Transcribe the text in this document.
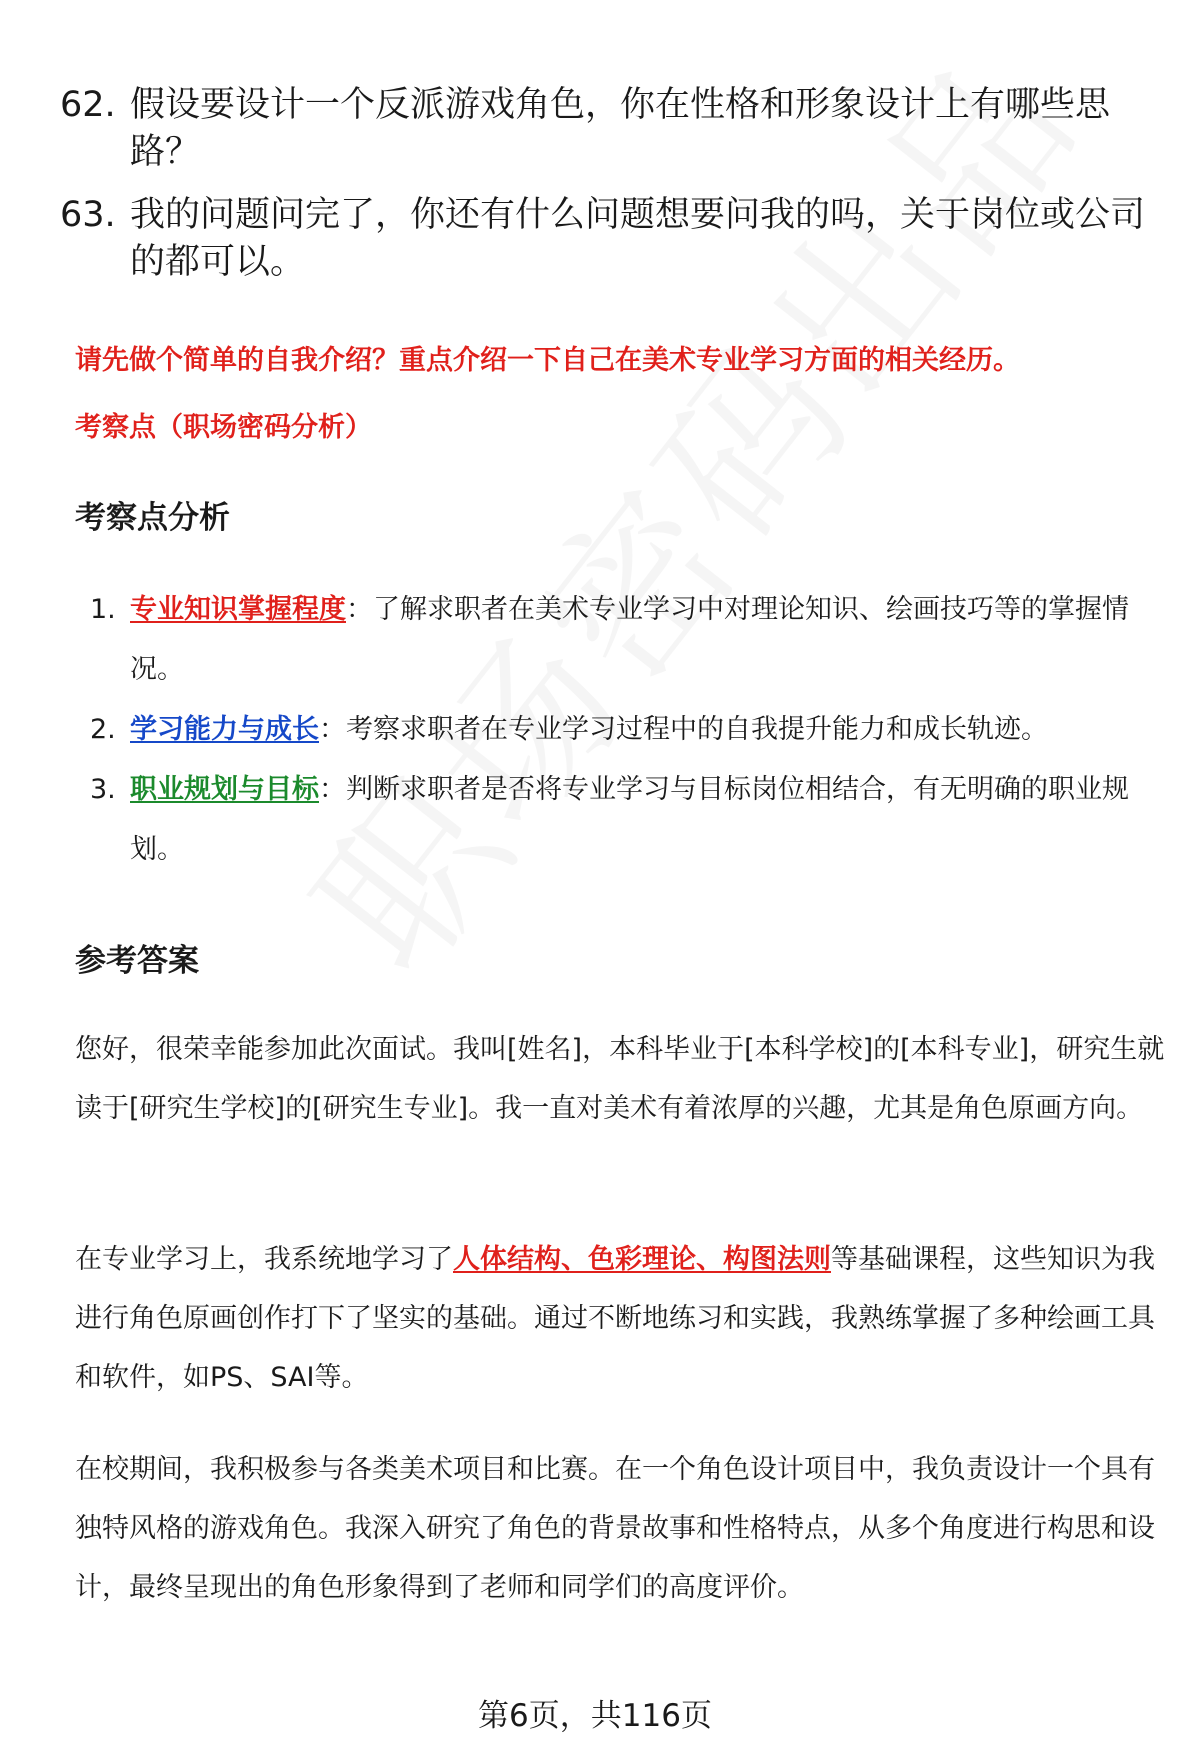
62. 假设要设计一个反派游戏角色，你在性格和形象设计上有哪些思路？
63. 我的问题问完了，你还有什么问题想要问我的吗，关于岗位或公司的都可以。
请先做个简单的自我介绍？重点介绍一下自己在美术专业学习方面的相关经历。
考察点（职场密码分析）
考察点分析
1. 专业知识掌握程度：了解求职者在美术专业学习中对理论知识、绘画技巧等的掌握情况。
2. 学习能力与成长：考察求职者在专业学习过程中的自我提升能力和成长轨迹。
3. 职业规划与目标：判断求职者是否将专业学习与目标岗位相结合，有无明确的职业规划。
参考答案
您好，很荣幸能参加此次面试。我叫[姓名]，本科毕业于[本科学校]的[本科专业]，研究生就读于[研究生学校]的[研究生专业]。我一直对美术有着浓厚的兴趣，尤其是角色原画方向。
在专业学习上，我系统地学习了人体结构、色彩理论、构图法则等基础课程，这些知识为我进行角色原画创作打下了坚实的基础。通过不断地练习和实践，我熟练掌握了多种绘画工具和软件，如PS、SAI等。
在校期间，我积极参与各类美术项目和比赛。在一个角色设计项目中，我负责设计一个具有独特风格的游戏角色。我深入研究了角色的背景故事和性格特点，从多个角度进行构思和设计，最终呈现出的角色形象得到了老师和同学们的高度评价。
第6页，共116页
